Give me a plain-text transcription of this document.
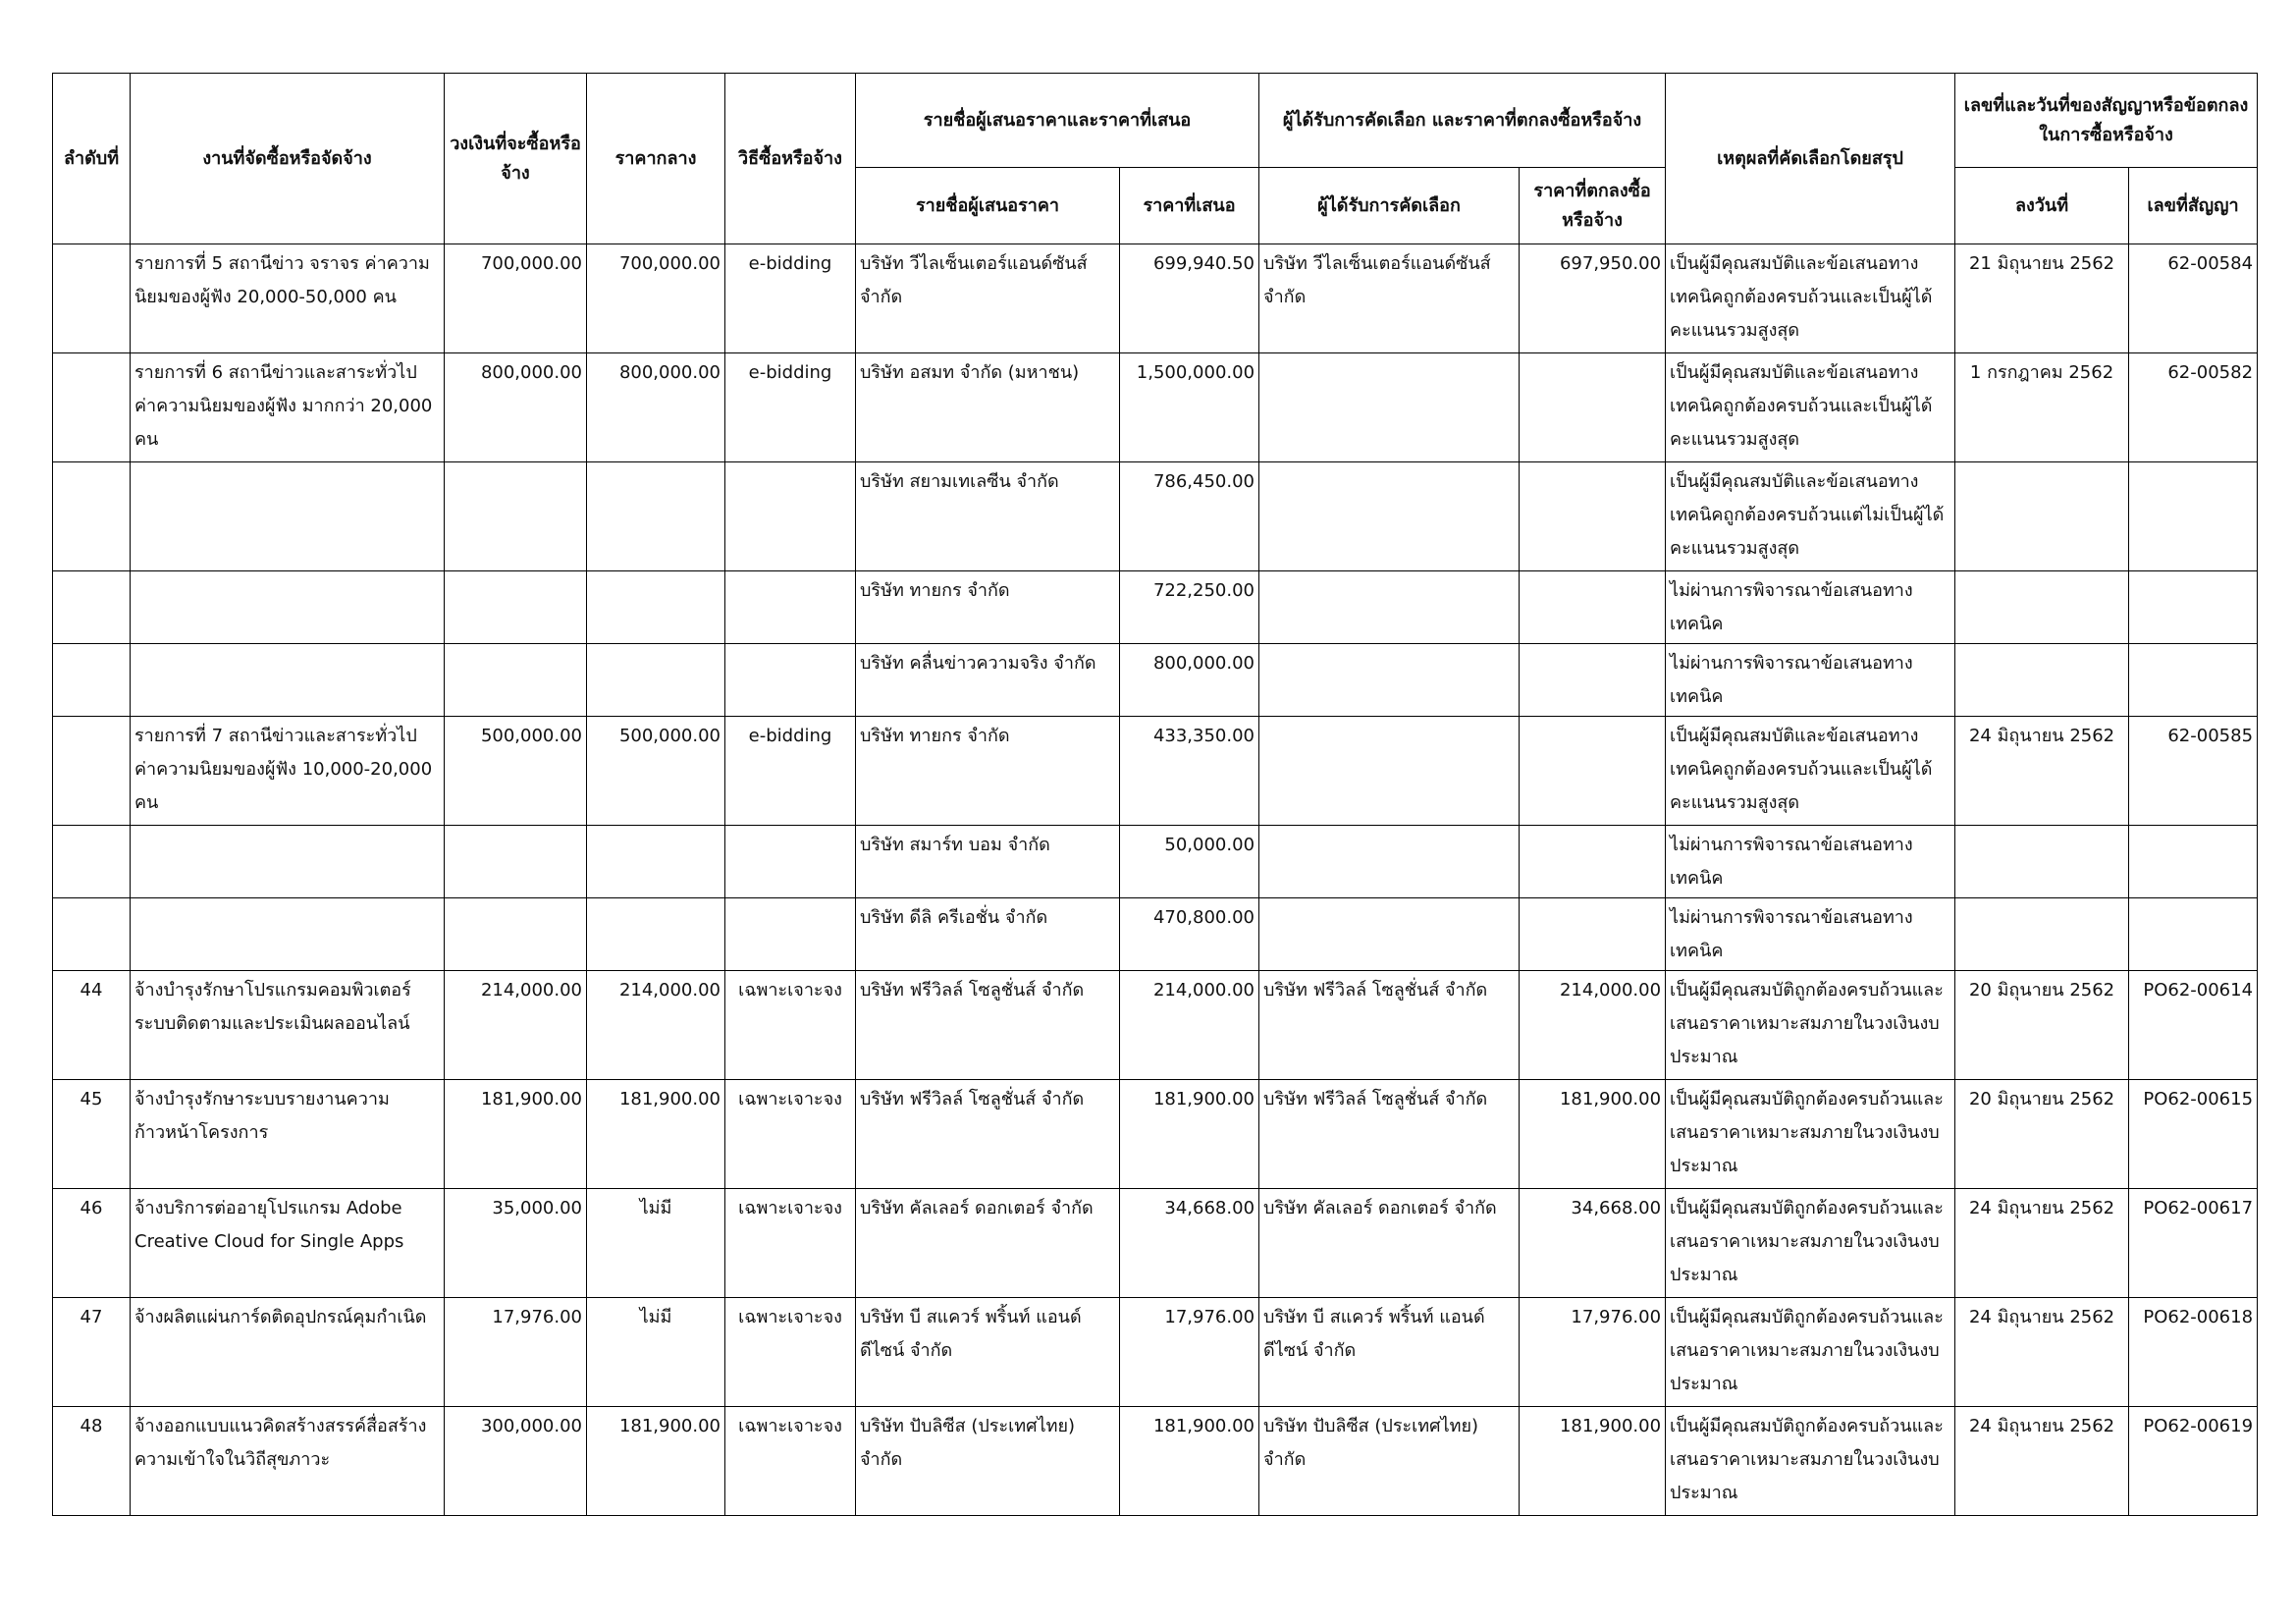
ลำดับที่	งานที่จัดซื้อหรือจัดจ้าง	วงเงินที่จะซื้อหรือจ้าง	ราคากลาง	วิธีซื้อหรือจ้าง	รายชื่อผู้เสนอราคาและราคาที่เสนอ		ผู้ได้รับการคัดเลือก และราคาที่ตกลงซื้อหรือจ้าง		เหตุผลที่คัดเลือกโดยสรุป	เลขที่และวันที่ของสัญญาหรือข้อตกลงในการซื้อหรือจ้าง	
					รายชื่อผู้เสนอราคา	ราคาที่เสนอ	ผู้ได้รับการคัดเลือก	ราคาที่ตกลงซื้อหรือจ้าง		ลงวันที่	เลขที่สัญญา
	รายการที่ 5 สถานีข่าว จราจร ค่าความนิยมของผู้ฟัง 20,000-50,000 คน	700,000.00	700,000.00	e-bidding	บริษัท วีไลเซ็นเตอร์แอนด์ซันส์ จำกัด	699,940.50	บริษัท วีไลเซ็นเตอร์แอนด์ซันส์ จำกัด	697,950.00	เป็นผู้มีคุณสมบัติและข้อเสนอทางเทคนิคถูกต้องครบถ้วนและเป็นผู้ได้คะแนนรวมสูงสุด	21 มิถุนายน 2562	62-00584
	รายการที่ 6 สถานีข่าวและสาระทั่วไป ค่าความนิยมของผู้ฟัง มากกว่า 20,000 คน	800,000.00	800,000.00	e-bidding	บริษัท อสมท จำกัด (มหาชน)	1,500,000.00			เป็นผู้มีคุณสมบัติและข้อเสนอทางเทคนิคถูกต้องครบถ้วนและเป็นผู้ได้คะแนนรวมสูงสุด	1 กรกฎาคม 2562	62-00582
					บริษัท สยามเทเลซีน จำกัด	786,450.00			เป็นผู้มีคุณสมบัติและข้อเสนอทางเทคนิคถูกต้องครบถ้วนแต่ไม่เป็นผู้ได้คะแนนรวมสูงสุด		
					บริษัท ทายกร จำกัด	722,250.00			ไม่ผ่านการพิจารณาข้อเสนอทางเทคนิค		
					บริษัท คลื่นข่าวความจริง จำกัด	800,000.00			ไม่ผ่านการพิจารณาข้อเสนอทางเทคนิค		
	รายการที่ 7 สถานีข่าวและสาระทั่วไป ค่าความนิยมของผู้ฟัง 10,000-20,000 คน	500,000.00	500,000.00	e-bidding	บริษัท ทายกร จำกัด	433,350.00			เป็นผู้มีคุณสมบัติและข้อเสนอทางเทคนิคถูกต้องครบถ้วนและเป็นผู้ได้คะแนนรวมสูงสุด	24 มิถุนายน 2562	62-00585
					บริษัท สมาร์ท บอม จำกัด	50,000.00			ไม่ผ่านการพิจารณาข้อเสนอทางเทคนิค		
					บริษัท ดีลิ ครีเอชั่น จำกัด	470,800.00			ไม่ผ่านการพิจารณาข้อเสนอทางเทคนิค		
44	จ้างบำรุงรักษาโปรแกรมคอมพิวเตอร์ระบบติดตามและประเมินผลออนไลน์	214,000.00	214,000.00	เฉพาะเจาะจง	บริษัท ฟรีวิลล์ โซลูชั่นส์ จำกัด	214,000.00	บริษัท ฟรีวิลล์ โซลูชั่นส์ จำกัด	214,000.00	เป็นผู้มีคุณสมบัติถูกต้องครบถ้วนและเสนอราคาเหมาะสมภายในวงเงินงบประมาณ	20 มิถุนายน 2562	PO62-00614
45	จ้างบำรุงรักษาระบบรายงานความก้าวหน้าโครงการ	181,900.00	181,900.00	เฉพาะเจาะจง	บริษัท ฟรีวิลล์ โซลูชั่นส์ จำกัด	181,900.00	บริษัท ฟรีวิลล์ โซลูชั่นส์ จำกัด	181,900.00	เป็นผู้มีคุณสมบัติถูกต้องครบถ้วนและเสนอราคาเหมาะสมภายในวงเงินงบประมาณ	20 มิถุนายน 2562	PO62-00615
46	จ้างบริการต่ออายุโปรแกรม Adobe Creative Cloud for Single Apps	35,000.00	ไม่มี	เฉพาะเจาะจง	บริษัท คัลเลอร์ ดอกเตอร์ จำกัด	34,668.00	บริษัท คัลเลอร์ ดอกเตอร์ จำกัด	34,668.00	เป็นผู้มีคุณสมบัติถูกต้องครบถ้วนและเสนอราคาเหมาะสมภายในวงเงินงบประมาณ	24 มิถุนายน 2562	PO62-00617
47	จ้างผลิตแผ่นการ์ดติดอุปกรณ์คุมกำเนิด	17,976.00	ไม่มี	เฉพาะเจาะจง	บริษัท บี สแควร์ พริ้นท์ แอนด์ ดีไซน์ จำกัด	17,976.00	บริษัท บี สแควร์ พริ้นท์ แอนด์ ดีไซน์ จำกัด	17,976.00	เป็นผู้มีคุณสมบัติถูกต้องครบถ้วนและเสนอราคาเหมาะสมภายในวงเงินงบประมาณ	24 มิถุนายน 2562	PO62-00618
48	จ้างออกแบบแนวคิดสร้างสรรค์สื่อสร้างความเข้าใจในวิถีสุขภาวะ	300,000.00	181,900.00	เฉพาะเจาะจง	บริษัท ปับลิซีส (ประเทศไทย) จำกัด	181,900.00	บริษัท ปับลิซีส (ประเทศไทย) จำกัด	181,900.00	เป็นผู้มีคุณสมบัติถูกต้องครบถ้วนและเสนอราคาเหมาะสมภายในวงเงินงบประมาณ	24 มิถุนายน 2562	PO62-00619
